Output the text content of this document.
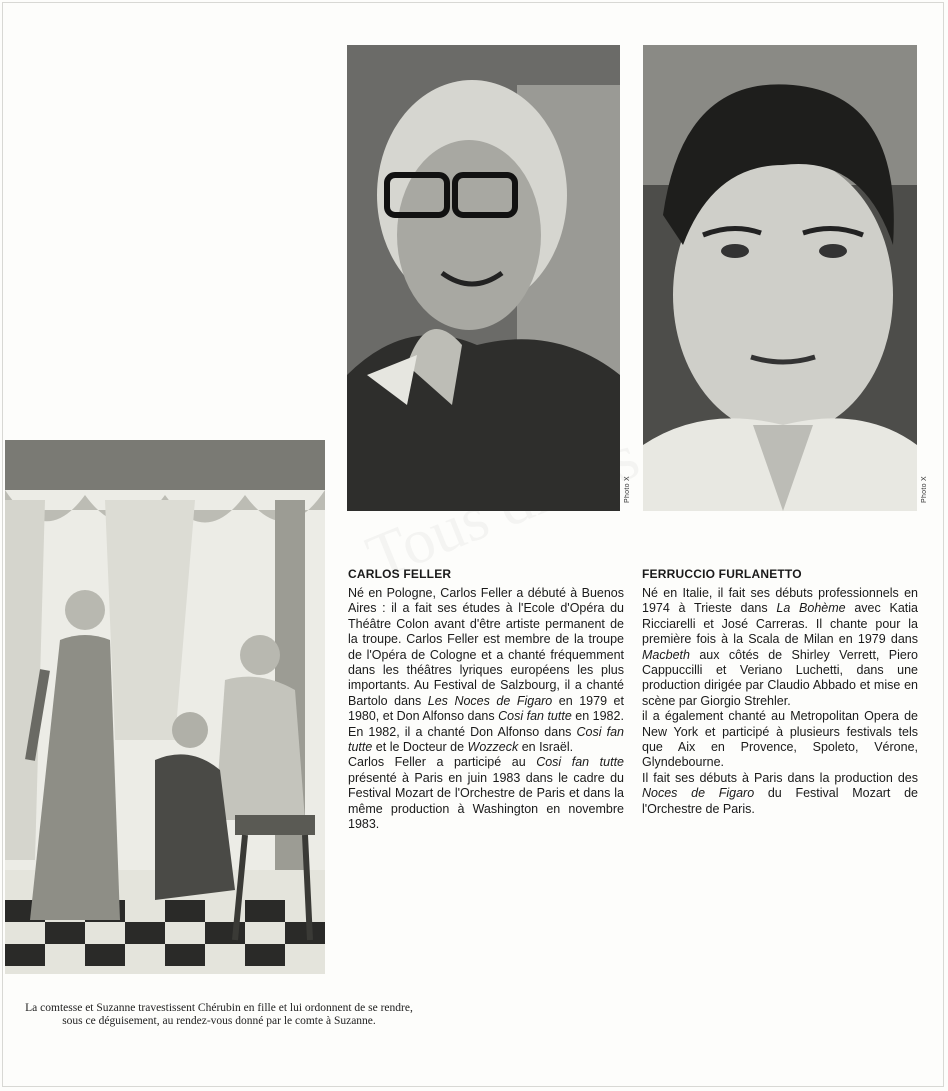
Photo X	Photo X
La comtesse et Suzanne travestissent Chérubin en fille et lui ordonnent de se rendre, sous ce déguisement, au rendez-vous donné par le comte à Suzanne.
CARLOS FELLER

Né en Pologne, Carlos Feller a débuté à Buenos Aires : il a fait ses études à l'Ecole d'Opéra du Théâtre Colon avant d'être artiste permanent de la troupe. Carlos Feller est membre de la troupe de l'Opéra de Cologne et a chanté fréquemment dans les théâtres lyriques européens les plus importants. Au Festival de Salzbourg, il a chanté Bartolo dans Les Noces de Figaro en 1979 et 1980, et Don Alfonso dans Cosi fan tutte en 1982.

En 1982, il a chanté Don Alfonso dans Cosi fan tutte et le Docteur de Wozzeck en Israël.

Carlos Feller a participé au Cosi fan tutte présenté à Paris en juin 1983 dans le cadre du Festival Mozart de l'Orchestre de Paris et dans la même production à Washington en novembre 1983.

FERRUCCIO FURLANETTO

Né en Italie, il fait ses débuts professionnels en 1974 à Trieste dans La Bohème avec Katia Ricciarelli et José Carreras. Il chante pour la première fois à la Scala de Milan en 1979 dans Macbeth aux côtés de Shirley Verrett, Piero Cappuccilli et Veriano Luchetti, dans une production dirigée par Claudio Abbado et mise en scène par Giorgio Strehler.

il a également chanté au Metropolitan Opera de New York et participé à plusieurs festivals tels que Aix en Provence, Spoleto, Vérone, Glyndebourne.

Il fait ses débuts à Paris dans la production des Noces de Figaro du Festival Mozart de l'Orchestre de Paris.
